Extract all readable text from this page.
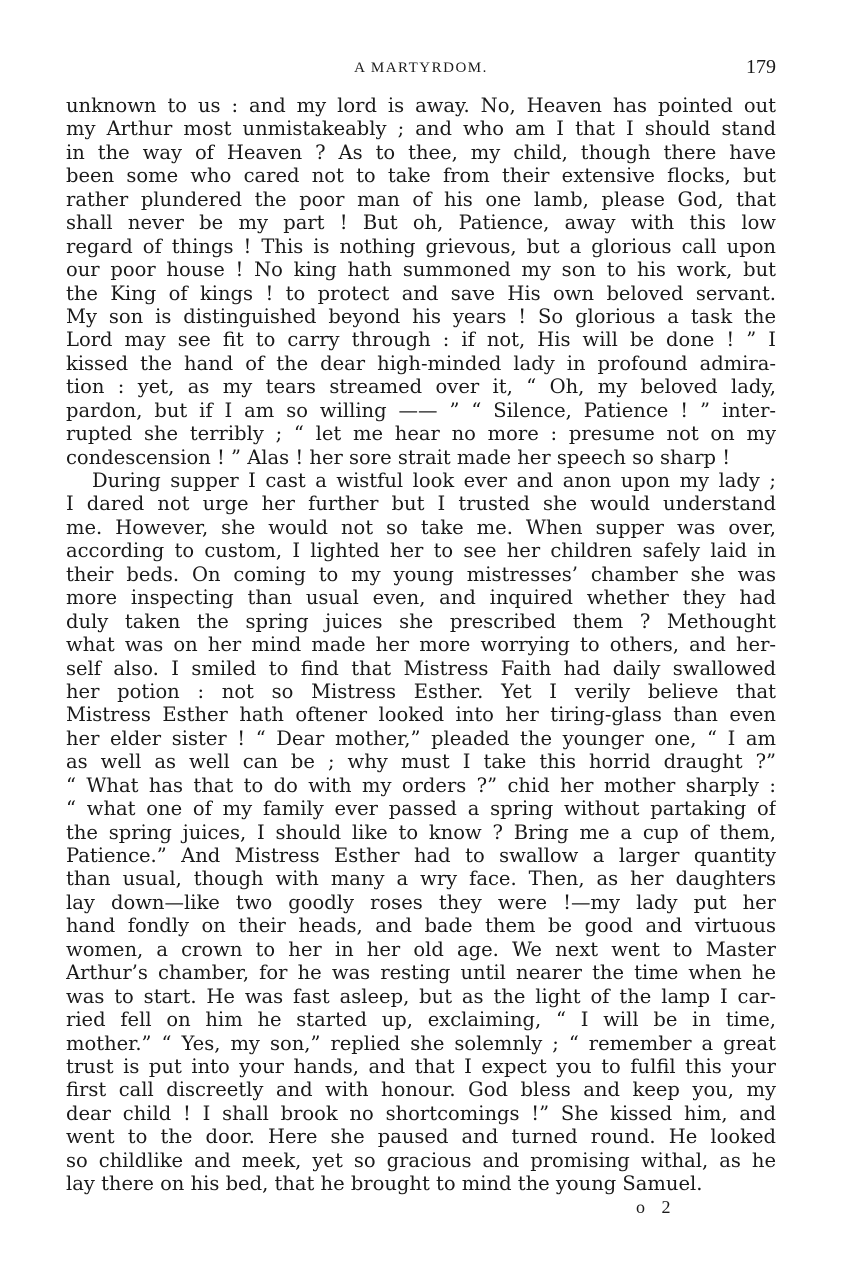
A MARTYRDOM.	179
unknown to us : and my lord is away. No, Heaven has pointed out
my Arthur most unmistakeably ; and who am I that I should stand
in the way of Heaven ? As to thee, my child, though there have
been some who cared not to take from their extensive flocks, but
rather plundered the poor man of his one lamb, please God, that
shall never be my part ! But oh, Patience, away with this low
regard of things ! This is nothing grievous, but a glorious call upon
our poor house ! No king hath summoned my son to his work, but
the King of kings ! to protect and save His own beloved servant.
My son is distinguished beyond his years ! So glorious a task the
Lord may see fit to carry through : if not, His will be done ! ” I
kissed the hand of the dear high-minded lady in profound admira-
tion : yet, as my tears streamed over it, “ Oh, my beloved lady,
pardon, but if I am so willing —— ” “ Silence, Patience ! ” inter-
rupted she terribly ; “ let me hear no more : presume not on my
condescension ! ” Alas ! her sore strait made her speech so sharp !
During supper I cast a wistful look ever and anon upon my lady ;
I dared not urge her further but I trusted she would understand
me. However, she would not so take me. When supper was over,
according to custom, I lighted her to see her children safely laid in
their beds. On coming to my young mistresses’ chamber she was
more inspecting than usual even, and inquired whether they had
duly taken the spring juices she prescribed them ? Methought
what was on her mind made her more worrying to others, and her-
self also. I smiled to find that Mistress Faith had daily swallowed
her potion : not so Mistress Esther. Yet I verily believe that
Mistress Esther hath oftener looked into her tiring-glass than even
her elder sister ! “ Dear mother,” pleaded the younger one, “ I am
as well as well can be ; why must I take this horrid draught ?”
“ What has that to do with my orders ?” chid her mother sharply :
“ what one of my family ever passed a spring without partaking of
the spring juices, I should like to know ? Bring me a cup of them,
Patience.” And Mistress Esther had to swallow a larger quantity
than usual, though with many a wry face. Then, as her daughters
lay down—like two goodly roses they were !—my lady put her
hand fondly on their heads, and bade them be good and virtuous
women, a crown to her in her old age. We next went to Master
Arthur’s chamber, for he was resting until nearer the time when he
was to start. He was fast asleep, but as the light of the lamp I car-
ried fell on him he started up, exclaiming, “ I will be in time,
mother.” “ Yes, my son,” replied she solemnly ; “ remember a great
trust is put into your hands, and that I expect you to fulfil this your
first call discreetly and with honour. God bless and keep you, my
dear child ! I shall brook no shortcomings !” She kissed him, and
went to the door. Here she paused and turned round. He looked
so childlike and meek, yet so gracious and promising withal, as he
lay there on his bed, that he brought to mind the young Samuel.
o 2
